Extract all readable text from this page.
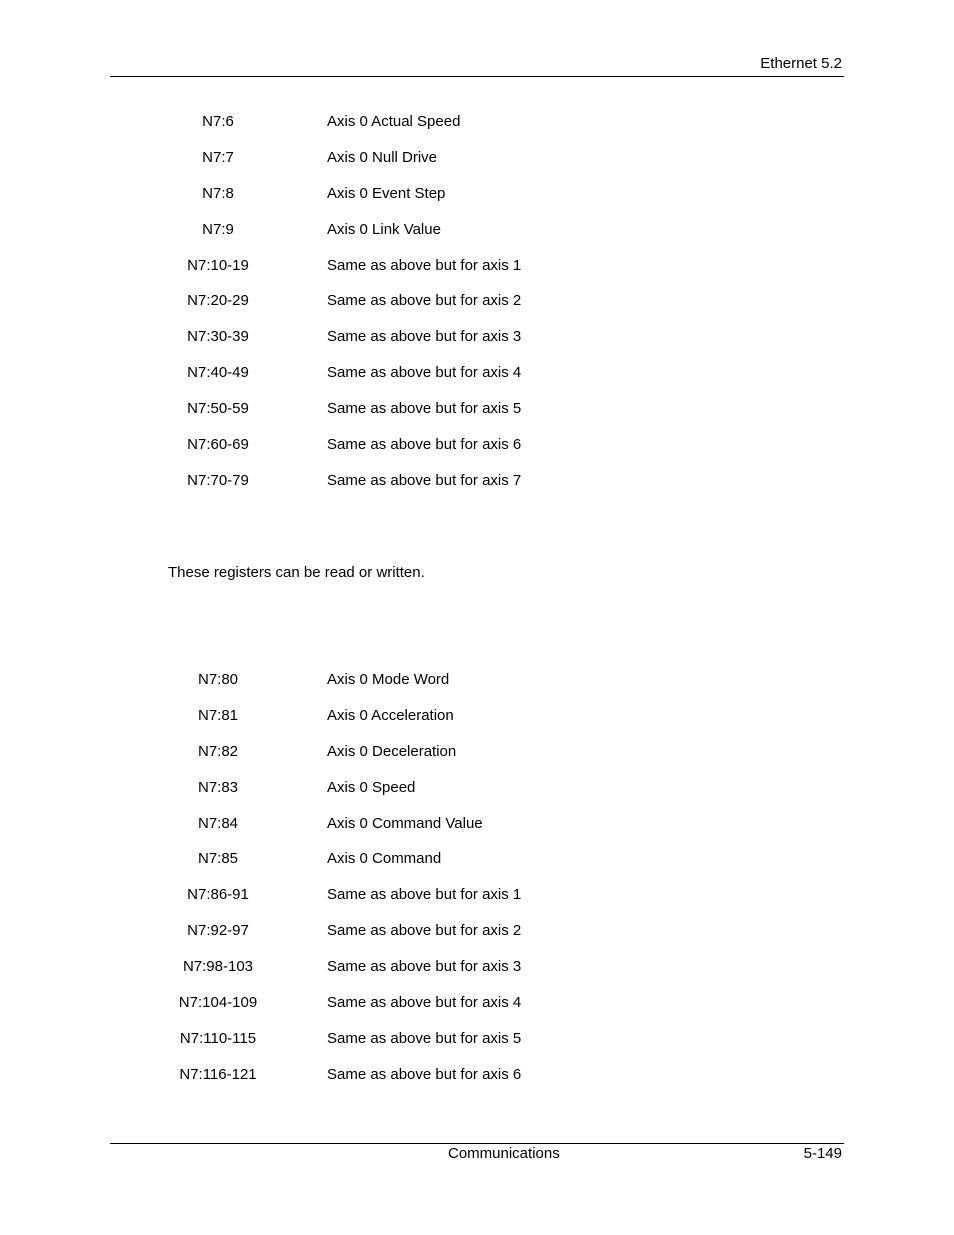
Ethernet 5.2
N7:6	Axis 0 Actual Speed
N7:7	Axis 0 Null Drive
N7:8	Axis 0 Event Step
N7:9	Axis 0 Link Value
N7:10-19	Same as above but for axis 1
N7:20-29	Same as above but for axis 2
N7:30-39	Same as above but for axis 3
N7:40-49	Same as above but for axis 4
N7:50-59	Same as above but for axis 5
N7:60-69	Same as above but for axis 6
N7:70-79	Same as above but for axis 7
These registers can be read or written.
N7:80	Axis 0 Mode Word
N7:81	Axis 0 Acceleration
N7:82	Axis 0 Deceleration
N7:83	Axis 0 Speed
N7:84	Axis 0 Command Value
N7:85	Axis 0 Command
N7:86-91	Same as above but for axis 1
N7:92-97	Same as above but for axis 2
N7:98-103	Same as above but for axis 3
N7:104-109	Same as above but for axis 4
N7:110-115	Same as above but for axis 5
N7:116-121	Same as above but for axis 6
Communications	5-149
